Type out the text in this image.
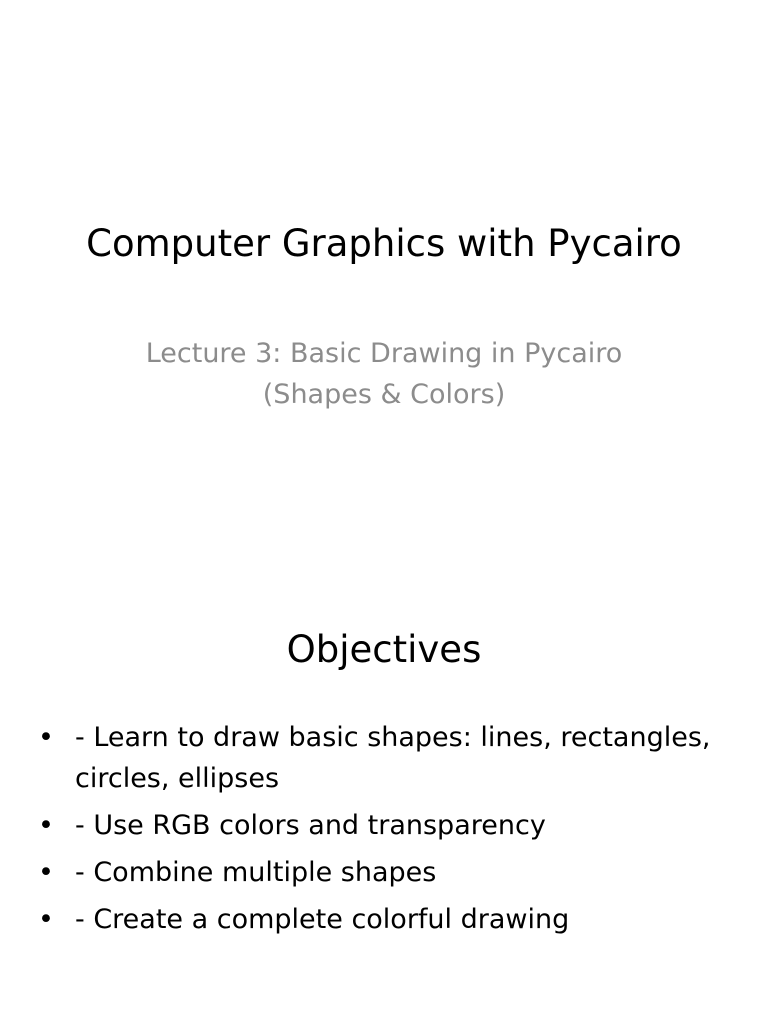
Computer Graphics with Pycairo
Lecture 3: Basic Drawing in Pycairo
(Shapes & Colors)
Objectives
• - Learn to draw basic shapes: lines, rectangles, circles, ellipses
• - Use RGB colors and transparency
• - Combine multiple shapes
• - Create a complete colorful drawing
